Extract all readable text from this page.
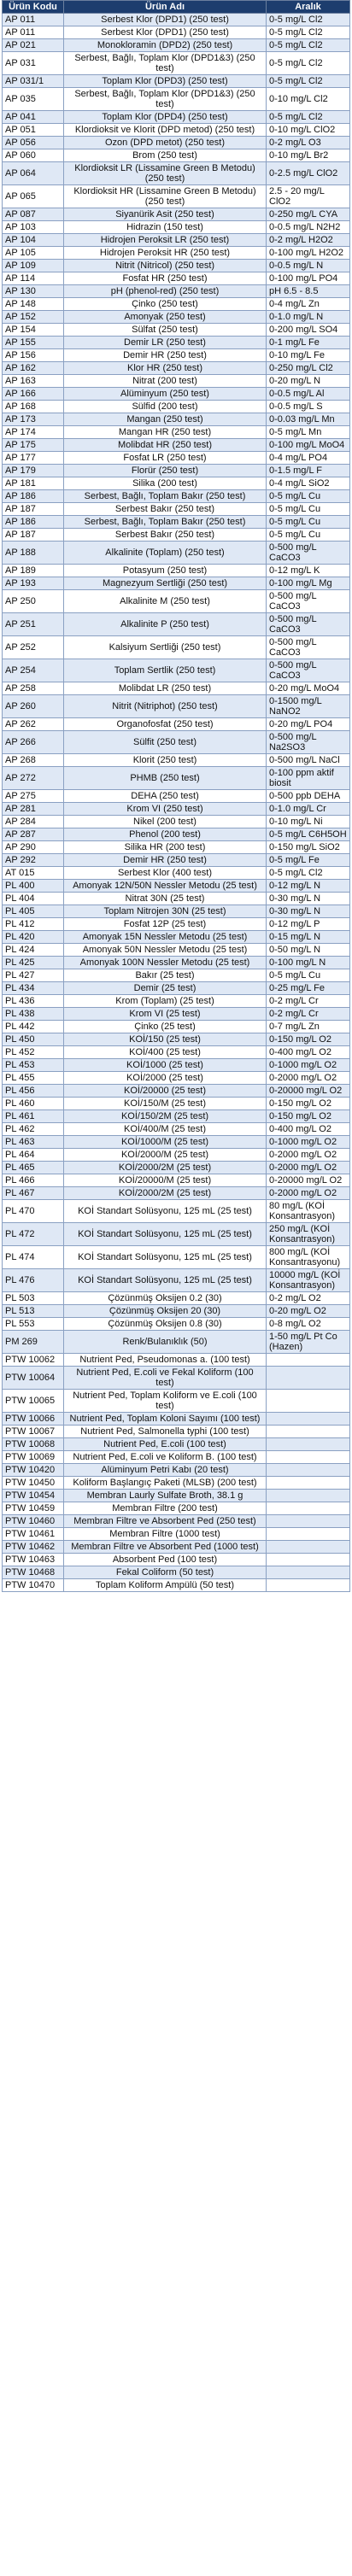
Ürün Kodu	Ürün Adı	Aralık
AP 011	Serbest Klor (DPD1) (250 test)	0-5 mg/L Cl2
AP 011	Serbest Klor (DPD1) (250 test)	0-5 mg/L Cl2
AP 021	Monokloramin (DPD2) (250 test)	0-5 mg/L Cl2
AP 031	Serbest, Bağlı, Toplam Klor (DPD1&3) (250 test)	0-5 mg/L Cl2
AP 031/1	Toplam Klor (DPD3) (250 test)	0-5 mg/L Cl2
AP 035	Serbest, Bağlı, Toplam Klor (DPD1&3) (250 test)	0-10 mg/L Cl2
AP 041	Toplam Klor (DPD4) (250 test)	0-5 mg/L Cl2
AP 051	Klordioksit ve Klorit (DPD metod) (250 test)	0-10 mg/L ClO2
AP 056	Ozon (DPD metot) (250 test)	0-2 mg/L O3
AP 060	Brom (250 test)	0-10 mg/L Br2
AP 064	Klordioksit LR (Lissamine Green B Metodu) (250 test)	0-2.5 mg/L ClO2
AP 065	Klordioksit HR (Lissamine Green B Metodu) (250 test)	2.5 - 20 mg/L ClO2
AP 087	Siyanürik Asit (250 test)	0-250 mg/L CYA
AP 103	Hidrazin (150 test)	0-0.5 mg/L N2H2
AP 104	Hidrojen Peroksit LR (250 test)	0-2 mg/L H2O2
AP 105	Hidrojen Peroksit HR (250 test)	0-100 mg/L H2O2
AP 109	Nitrit (Nitricol) (250 test)	0-0.5 mg/L N
AP 114	Fosfat HR (250 test)	0-100 mg/L PO4
AP 130	pH (phenol-red) (250 test)	pH 6.5 - 8.5
AP 148	Çinko (250 test)	0-4 mg/L Zn
AP 152	Amonyak (250 test)	0-1.0 mg/L N
AP 154	Sülfat (250 test)	0-200 mg/L SO4
AP 155	Demir LR (250 test)	0-1 mg/L Fe
AP 156	Demir HR (250 test)	0-10 mg/L Fe
AP 162	Klor HR (250 test)	0-250 mg/L Cl2
AP 163	Nitrat (200 test)	0-20 mg/L N
AP 166	Alüminyum (250 test)	0-0.5 mg/L Al
AP 168	Sülfid (200 test)	0-0.5 mg/L S
AP 173	Mangan (250 test)	0-0.03 mg/L Mn
AP 174	Mangan HR (250 test)	0-5 mg/L Mn
AP 175	Molibdat HR (250 test)	0-100 mg/L MoO4
AP 177	Fosfat LR (250 test)	0-4 mg/L PO4
AP 179	Florür (250 test)	0-1.5 mg/L F
AP 181	Silika (200 test)	0-4 mg/L SiO2
AP 186	Serbest, Bağlı, Toplam Bakır (250 test)	0-5 mg/L Cu
AP 187	Serbest Bakır (250 test)	0-5 mg/L Cu
AP 186	Serbest, Bağlı, Toplam Bakır (250 test)	0-5 mg/L Cu
AP 187	Serbest Bakır (250 test)	0-5 mg/L Cu
AP 188	Alkalinite (Toplam) (250 test)	0-500 mg/L CaCO3
AP 189	Potasyum (250 test)	0-12 mg/L K
AP 193	Magnezyum Sertliği (250 test)	0-100 mg/L Mg
AP 250	Alkalinite M (250 test)	0-500 mg/L CaCO3
AP 251	Alkalinite P (250 test)	0-500 mg/L CaCO3
AP 252	Kalsiyum Sertliği (250 test)	0-500 mg/L CaCO3
AP 254	Toplam Sertlik (250 test)	0-500 mg/L CaCO3
AP 258	Molibdat LR (250 test)	0-20 mg/L MoO4
AP 260	Nitrit (Nitriphot) (250 test)	0-1500 mg/L NaNO2
AP 262	Organofosfat (250 test)	0-20 mg/L PO4
AP 266	Sülfit (250 test)	0-500 mg/L Na2SO3
AP 268	Klorit (250 test)	0-500 mg/L NaCl
AP 272	PHMB (250 test)	0-100 ppm aktif biosit
AP 275	DEHA (250 test)	0-500 ppb DEHA
AP 281	Krom VI (250 test)	0-1.0 mg/L Cr
AP 284	Nikel (200 test)	0-10 mg/L Ni
AP 287	Phenol (200 test)	0-5 mg/L C6H5OH
AP 290	Silika HR (200 test)	0-150 mg/L SiO2
AP 292	Demir HR (250 test)	0-5 mg/L Fe
AT 015	Serbest Klor (400 test)	0-5 mg/L Cl2
PL 400	Amonyak 12N/50N Nessler Metodu (25 test)	0-12 mg/L N
PL 404	Nitrat 30N (25 test)	0-30 mg/L N
PL 405	Toplam Nitrojen 30N (25 test)	0-30 mg/L N
PL 412	Fosfat 12P (25 test)	0-12 mg/L P
PL 420	Amonyak 15N Nessler Metodu (25 test)	0-15 mg/L N
PL 424	Amonyak 50N Nessler Metodu (25 test)	0-50 mg/L N
PL 425	Amonyak 100N Nessler Metodu (25 test)	0-100 mg/L N
PL 427	Bakır (25 test)	0-5 mg/L Cu
PL 434	Demir (25 test)	0-25 mg/L Fe
PL 436	Krom (Toplam) (25 test)	0-2 mg/L Cr
PL 438	Krom VI (25 test)	0-2 mg/L Cr
PL 442	Çinko (25 test)	0-7 mg/L Zn
PL 450	KOİ/150 (25 test)	0-150 mg/L O2
PL 452	KOİ/400 (25 test)	0-400 mg/L O2
PL 453	KOİ/1000 (25 test)	0-1000 mg/L O2
PL 455	KOİ/2000 (25 test)	0-2000 mg/L O2
PL 456	KOİ/20000 (25 test)	0-20000 mg/L O2
PL 460	KOİ/150/M (25 test)	0-150 mg/L O2
PL 461	KOİ/150/2M (25 test)	0-150 mg/L O2
PL 462	KOİ/400/M (25 test)	0-400 mg/L O2
PL 463	KOİ/1000/M (25 test)	0-1000 mg/L O2
PL 464	KOİ/2000/M (25 test)	0-2000 mg/L O2
PL 465	KOİ/2000/2M (25 test)	0-2000 mg/L O2
PL 466	KOİ/20000/M (25 test)	0-20000 mg/L O2
PL 467	KOİ/2000/2M (25 test)	0-2000 mg/L O2
PL 470	KOİ Standart Solüsyonu, 125 mL (25 test)	80 mg/L (KOİ Konsantrasyon)
PL 472	KOİ Standart Solüsyonu, 125 mL (25 test)	250 mg/L (KOİ Konsantrasyon)
PL 474	KOİ Standart Solüsyonu, 125 mL (25 test)	800 mg/L (KOİ Konsantrasyonu)
PL 476	KOİ Standart Solüsyonu, 125 mL (25 test)	10000 mg/L (KOİ Konsantrasyon)
PL 503	Çözünmüş Oksijen 0.2 (30)	0-2 mg/L O2
PL 513	Çözünmüş Oksijen 20 (30)	0-20 mg/L O2
PL 553	Çözünmüş Oksijen 0.8 (30)	0-8 mg/L O2
PM 269	Renk/Bulanıklık (50)	1-50 mg/L Pt Co (Hazen)
PTW 10062	Nutrient Ped, Pseudomonas a. (100 test)	
PTW 10064	Nutrient Ped, E.coli ve Fekal Koliform (100 test)	
PTW 10065	Nutrient Ped, Toplam Koliform ve E.coli (100 test)	
PTW 10066	Nutrient Ped, Toplam Koloni Sayımı (100 test)	
PTW 10067	Nutrient Ped, Salmonella typhi (100 test)	
PTW 10068	Nutrient Ped, E.coli (100 test)	
PTW 10069	Nutrient Ped, E.coli ve Koliform B. (100 test)	
PTW 10420	Alüminyum Petri Kabı (20 test)	
PTW 10450	Koliform Başlangıç Paketi (MLSB) (200 test)	
PTW 10454	Membran Laurly Sulfate Broth, 38.1 g	
PTW 10459	Membran Filtre (200 test)	
PTW 10460	Membran Filtre ve Absorbent Ped (250 test)	
PTW 10461	Membran Filtre (1000 test)	
PTW 10462	Membran Filtre ve Absorbent Ped (1000 test)	
PTW 10463	Absorbent Ped (100 test)	
PTW 10468	Fekal Coliform (50 test)	
PTW 10470	Toplam Koliform Ampülü (50 test)	
